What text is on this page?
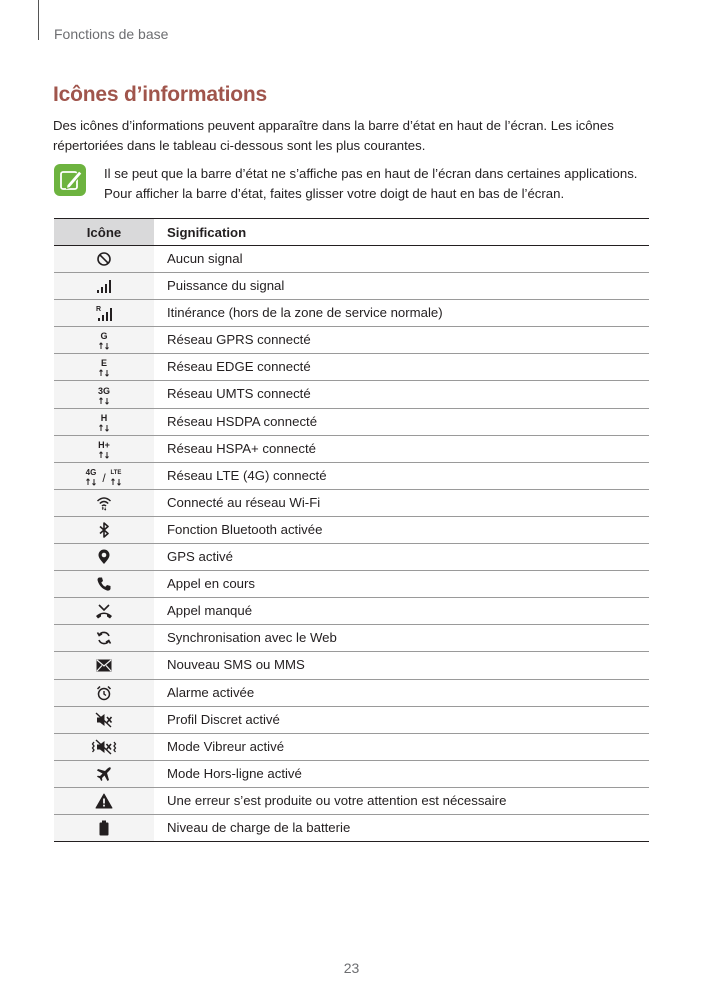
Fonctions de base
Icônes d’informations
Des icônes d’informations peuvent apparaître dans la barre d’état en haut de l’écran. Les icônes répertoriées dans le tableau ci-dessous sont les plus courantes.
Il se peut que la barre d’état ne s’affiche pas en haut de l’écran dans certaines applications. Pour afficher la barre d’état, faites glisser votre doigt de haut en bas de l’écran.
Icône	Signification
Aucun signal
Puissance du signal
R	Itinérance (hors de la zone de service normale)
G	Réseau GPRS connecté
E	Réseau EDGE connecté
3G	Réseau UMTS connecté
H	Réseau HSDPA connecté
H+	Réseau HSPA+ connecté
4G / LTE	Réseau LTE (4G) connecté
Connecté au réseau Wi-Fi
Fonction Bluetooth activée
GPS activé
Appel en cours
Appel manqué
Synchronisation avec le Web
Nouveau SMS ou MMS
Alarme activée
Profil Discret activé
Mode Vibreur activé
Mode Hors-ligne activé
Une erreur s’est produite ou votre attention est nécessaire
Niveau de charge de la batterie
23
